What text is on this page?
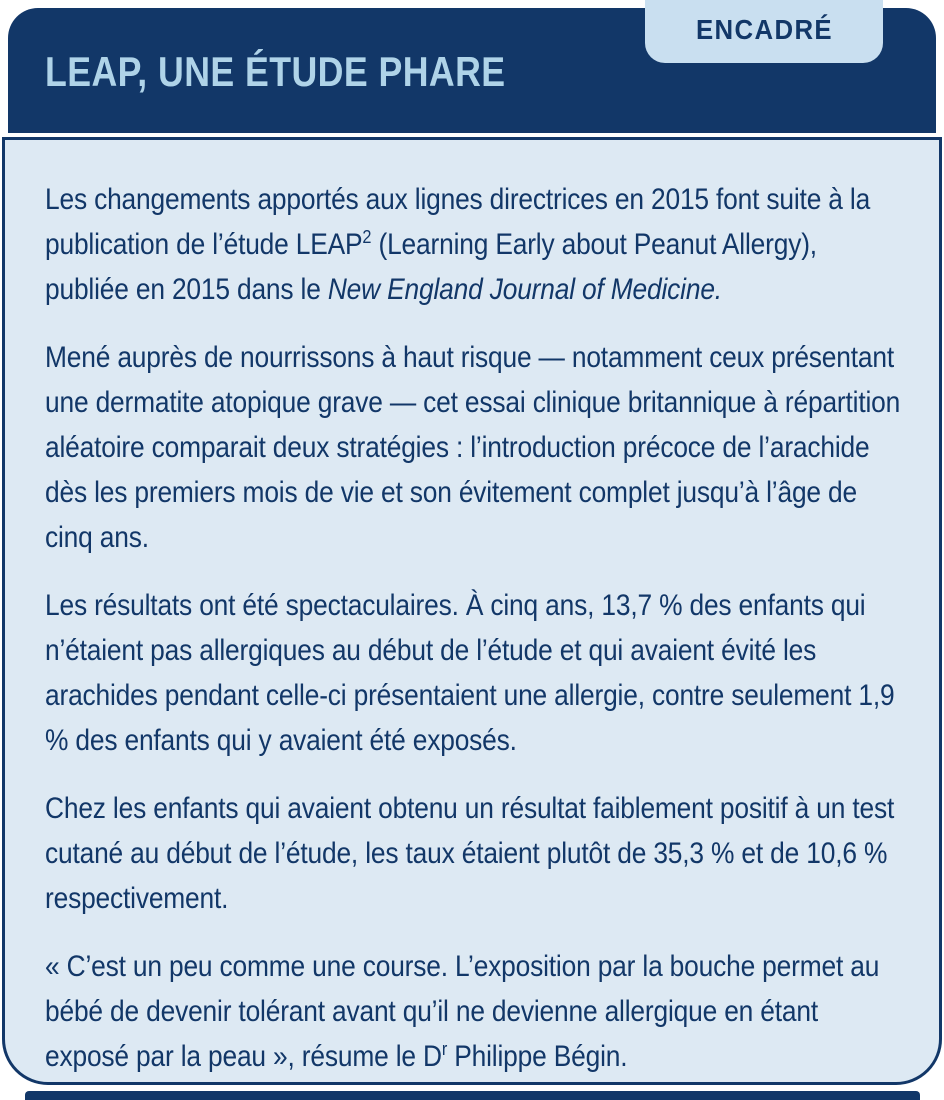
LEAP, UNE ÉTUDE PHARE
ENCADRÉ

Les changements apportés aux lignes directrices en 2015 font suite à la publication de l’étude LEAP$^2$ (Learning Early about Peanut Allergy), publiée en 2015 dans le New England Journal of Medicine.

Mené auprès de nourrissons à haut risque — notamment ceux présentant une dermatite atopique grave — cet essai clinique britannique à répartition aléatoire comparait deux stratégies : l’introduction précoce de l’arachide dès les premiers mois de vie et son évitement complet jusqu’à l’âge de cinq ans.

Les résultats ont été spectaculaires. À cinq ans, 13,7 % des enfants qui n’étaient pas allergiques au début de l’étude et qui avaient évité les arachides pendant celle-ci présentaient une allergie, contre seulement 1,9 % des enfants qui y avaient été exposés.

Chez les enfants qui avaient obtenu un résultat faiblement positif à un test cutané au début de l’étude, les taux étaient plutôt de 35,3 % et de 10,6 % respectivement.

« C’est un peu comme une course. L’exposition par la bouche permet au bébé de devenir tolérant avant qu’il ne devienne allergique en étant exposé par la peau », résume le $D^r$ Philippe Bégin.
